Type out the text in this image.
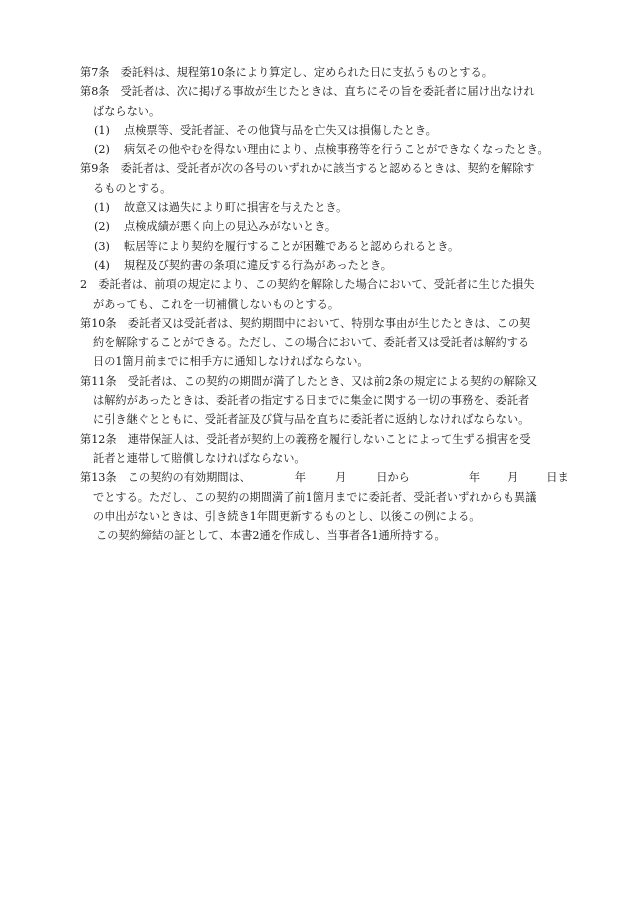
第7条　委託料は、規程第10条により算定し、定められた日に支払うものとする。
第8条　受託者は、次に掲げる事故が生じたときは、直ちにその旨を委託者に届け出なけれ
ばならない。
(1) 点検票等、受託者証、その他貸与品を亡失又は損傷したとき。
(2) 病気その他やむを得ない理由により、点検事務等を行うことができなくなったとき。
第9条　委託者は、受託者が次の各号のいずれかに該当すると認めるときは、契約を解除す
るものとする。
(1) 故意又は過失により町に損害を与えたとき。
(2) 点検成績が悪く向上の見込みがないとき。
(3) 転居等により契約を履行することが困難であると認められるとき。
(4) 規程及び契約書の条項に違反する行為があったとき。
2　委託者は、前項の規定により、この契約を解除した場合において、受託者に生じた損失
があっても、これを一切補償しないものとする。
第10条　委託者又は受託者は、契約期間中において、特別な事由が生じたときは、この契
約を解除することができる。ただし、この場合において、委託者又は受託者は解約する
日の1箇月前までに相手方に通知しなければならない。
第11条　受託者は、この契約の期間が満了したとき、又は前2条の規定による契約の解除又
は解約があったときは、委託者の指定する日までに集金に関する一切の事務を、委託者
に引き継ぐとともに、受託者証及び貸与品を直ちに委託者に返納しなければならない。
第12条　連帯保証人は、受託者が契約上の義務を履行しないことによって生ずる損害を受
託者と連帯して賠償しなければならない。
第13条　この契約の有効期間は、	年	月	日から	年 月	日ま
でとする。ただし、この契約の期間満了前1箇月までに委託者、受託者いずれからも異議
の申出がないときは、引き続き1年間更新するものとし、以後この例による。
この契約締結の証として、本書2通を作成し、当事者各1通所持する。
